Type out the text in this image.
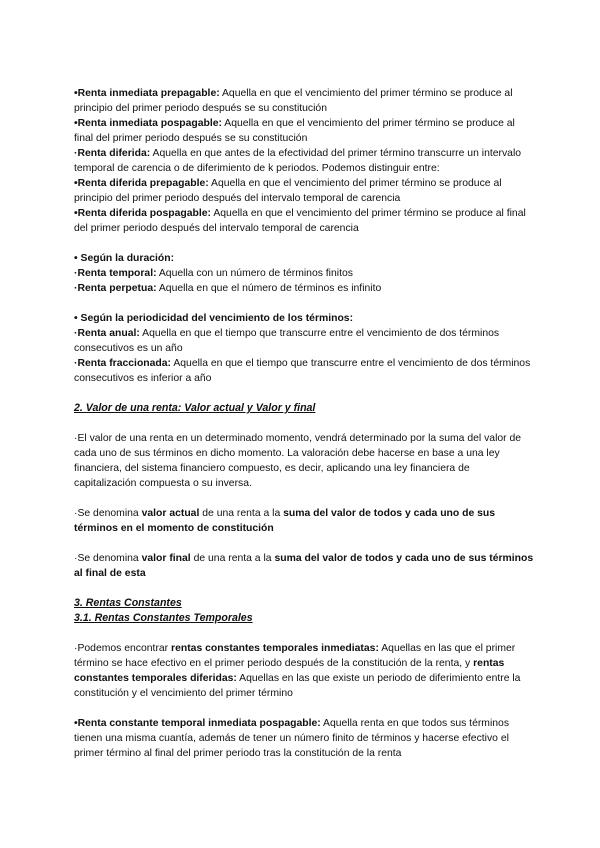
•Renta inmediata prepagable: Aquella en que el vencimiento del primer término se produce al principio del primer periodo después se su constitución

•Renta inmediata pospagable: Aquella en que el vencimiento del primer término se produce al final del primer periodo después se su constitución

·Renta diferida: Aquella en que antes de la efectividad del primer término transcurre un intervalo temporal de carencia o de diferimiento de k periodos. Podemos distinguir entre:

•Renta diferida prepagable: Aquella en que el vencimiento del primer término se produce al principio del primer periodo después del intervalo temporal de carencia

•Renta diferida pospagable: Aquella en que el vencimiento del primer término se produce al final del primer periodo después del intervalo temporal de carencia

• Según la duración:

·Renta temporal: Aquella con un número de términos finitos

·Renta perpetua: Aquella en que el número de términos es infinito

• Según la periodicidad del vencimiento de los términos:

·Renta anual: Aquella en que el tiempo que transcurre entre el vencimiento de dos términos consecutivos es un año

·Renta fraccionada: Aquella en que el tiempo que transcurre entre el vencimiento de dos términos consecutivos es inferior a año

2. Valor de una renta: Valor actual y Valor y final

·El valor de una renta en un determinado momento, vendrá determinado por la suma del valor de cada uno de sus términos en dicho momento. La valoración debe hacerse en base a una ley financiera, del sistema financiero compuesto, es decir, aplicando una ley financiera de capitalización compuesta o su inversa.

·Se denomina valor actual de una renta a la suma del valor de todos y cada uno de sus términos en el momento de constitución

·Se denomina valor final de una renta a la suma del valor de todos y cada uno de sus términos al final de esta

3. Rentas Constantes

3.1. Rentas Constantes Temporales

·Podemos encontrar rentas constantes temporales inmediatas: Aquellas en las que el primer término se hace efectivo en el primer periodo después de la constitución de la renta, y rentas constantes temporales diferidas: Aquellas en las que existe un periodo de diferimiento entre la constitución y el vencimiento del primer término

•Renta constante temporal inmediata pospagable: Aquella renta en que todos sus términos tienen una misma cuantía, además de tener un número finito de términos y hacerse efectivo el primer término al final del primer periodo tras la constitución de la renta
